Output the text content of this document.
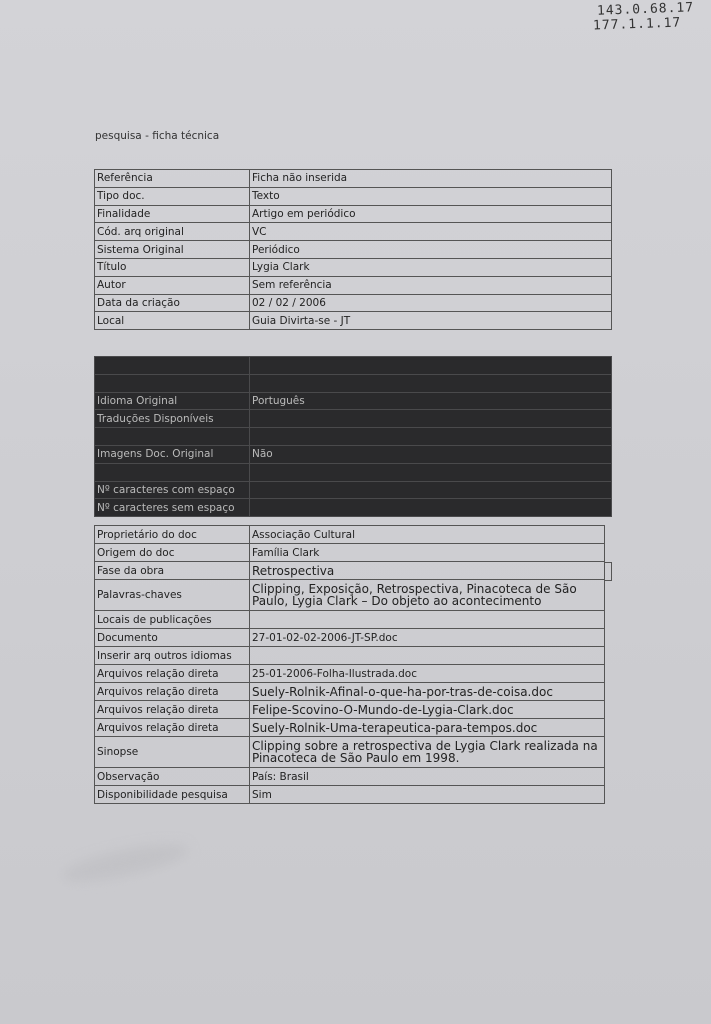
143.0.68.17
177.1.1.17
pesquisa - ficha técnica
Referência	Ficha não inserida
Tipo doc.	Texto
Finalidade	Artigo em periódico
Cód. arq original	VC
Sistema Original	Periódico
Título	Lygia Clark
Autor	Sem referência
Data da criação	02 / 02 / 2006
Local	Guia Divirta-se - JT

Idioma Original	Português
Traduções Disponíveis	

Imagens Doc. Original	Não

Nº caracteres com espaço	
Nº caracteres sem espaço	
Proprietário do doc	Associação Cultural
Origem do doc	Família Clark
Fase da obra	Retrospectiva
Palavras-chaves	Clipping, Exposição, Retrospectiva, Pinacoteca de São Paulo, Lygia Clark – Do objeto ao acontecimento
Locais de publicações	
Documento	27-01-02-02-2006-JT-SP.doc
Inserir arq outros idiomas	
Arquivos relação direta	25-01-2006-Folha-Ilustrada.doc
Arquivos relação direta	Suely-Rolnik-Afinal-o-que-ha-por-tras-de-coisa.doc
Arquivos relação direta	Felipe-Scovino-O-Mundo-de-Lygia-Clark.doc
Arquivos relação direta	Suely-Rolnik-Uma-terapeutica-para-tempos.doc
Sinopse	Clipping sobre a retrospectiva de Lygia Clark realizada na Pinacoteca de São Paulo em 1998.
Observação	País: Brasil
Disponibilidade pesquisa	Sim
